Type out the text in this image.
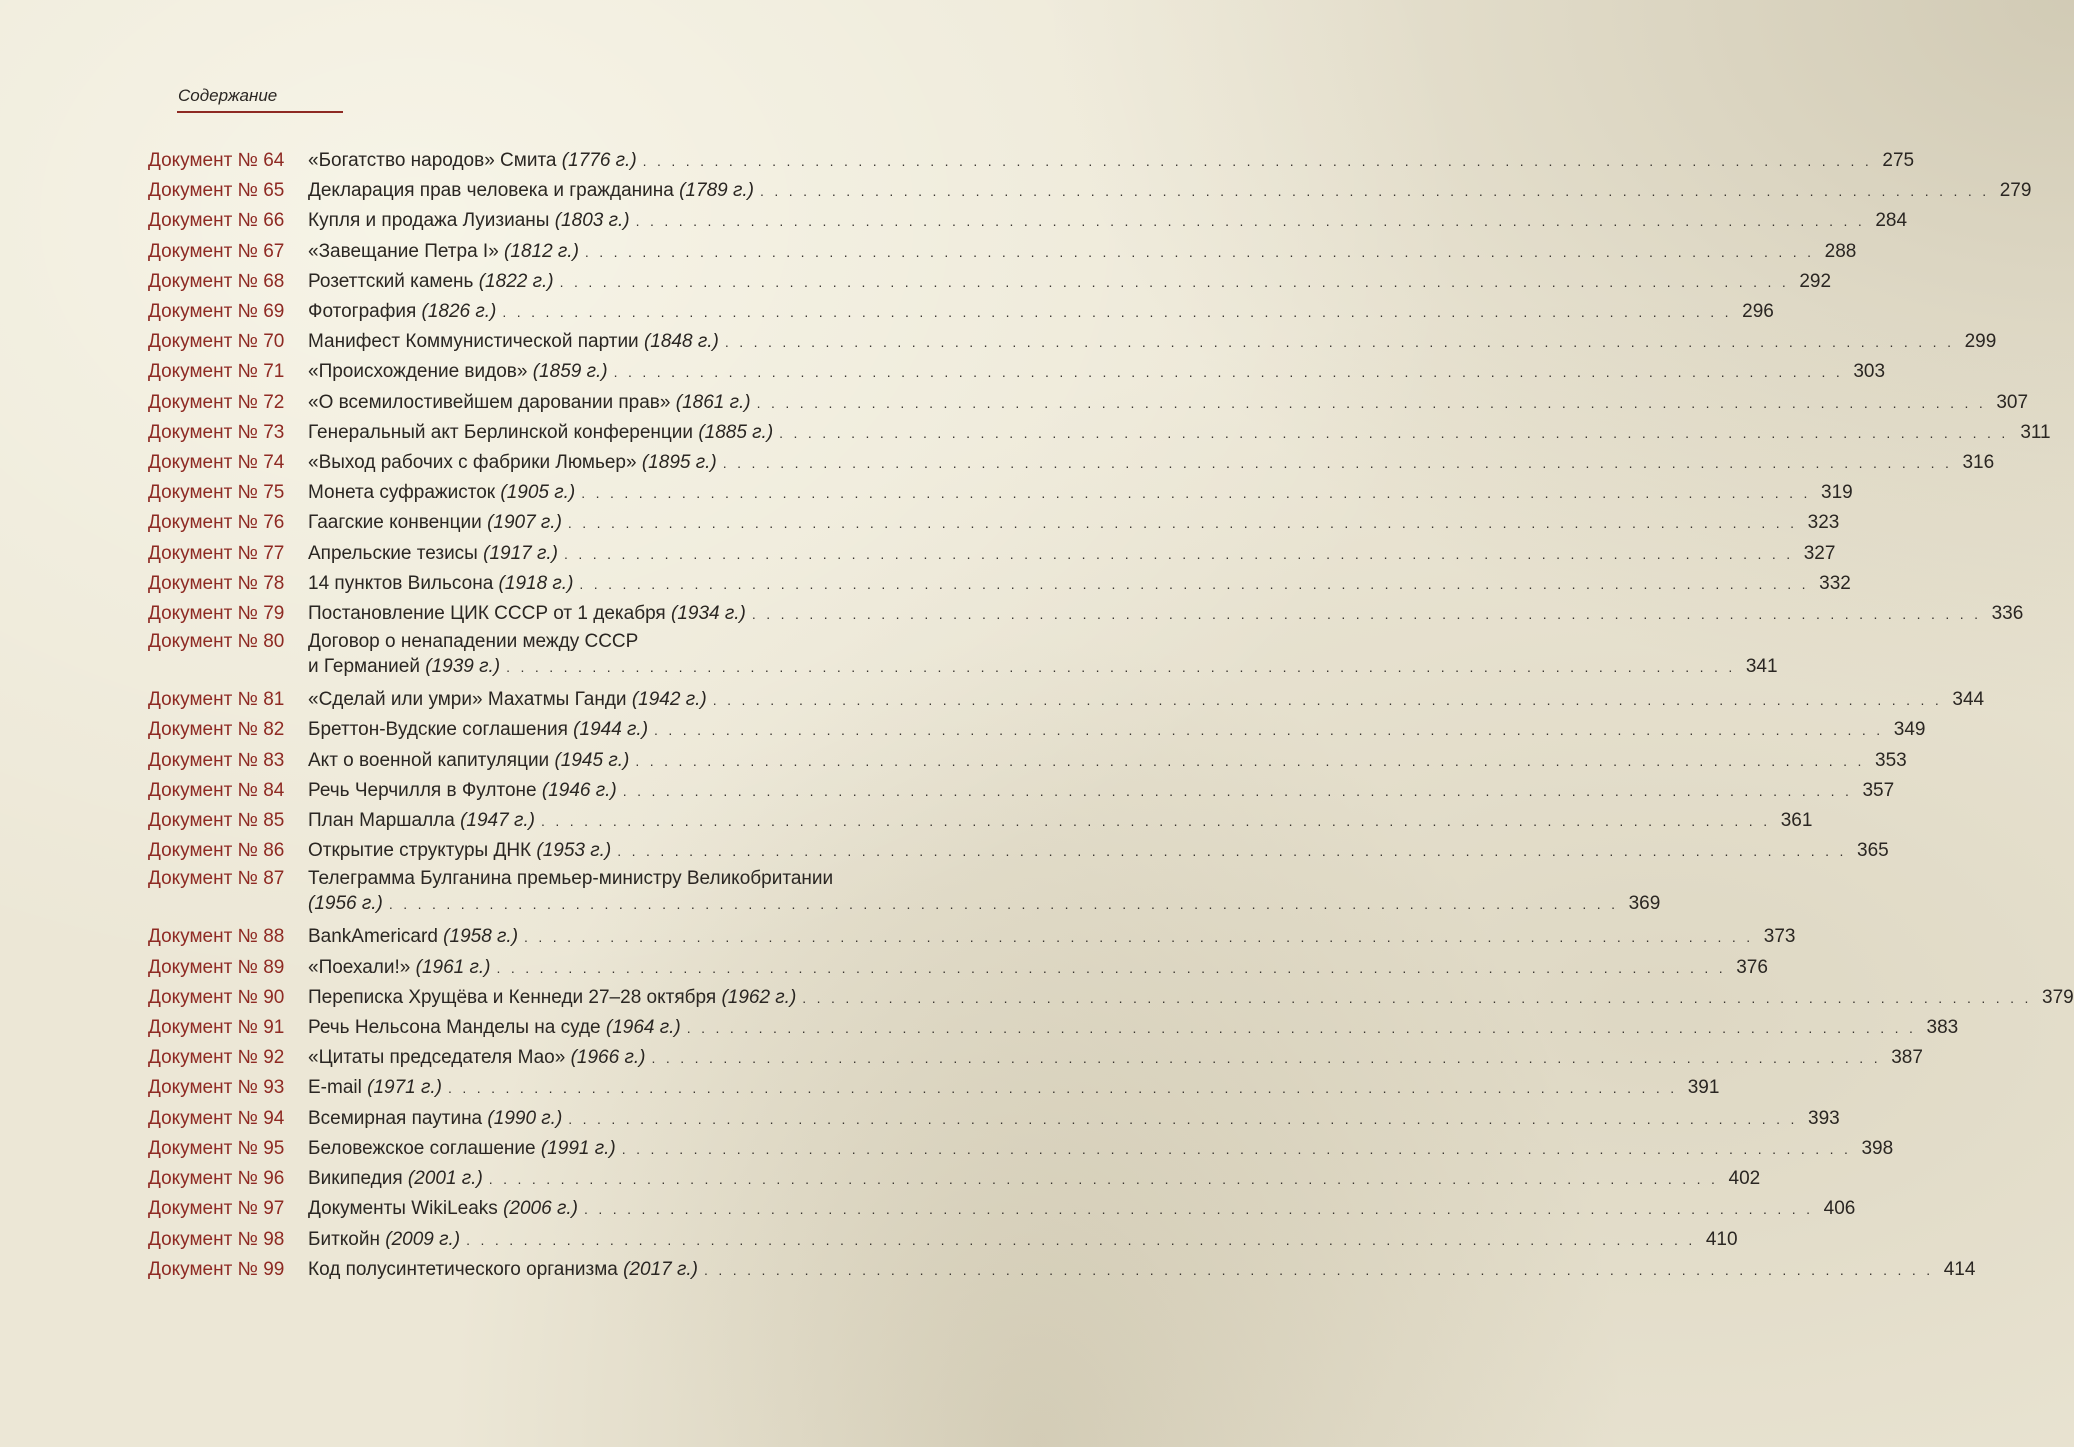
Содержание
Документ № 64	«Богатство народов» Смита (1776 г.) . . . . . . . . . . . . . . . . . . . . . . . . . . . . . . . . . . . . . . . . . . . . . . . . . . . . . . . . . . . . . . . . . . . . . . . . . . . . . . . . . . . . . . 275
Документ № 65	Декларация прав человека и гражданина (1789 г.) . . . . . . . . . . . . . . . . . . . . . . . . . . . . . . . . . . . . . . . . . . . . . . . . . . . . . . . . . . . . . . . . . . . . . . . . . . . . . . . . . . . . . . 279
Документ № 66	Купля и продажа Луизианы (1803 г.) . . . . . . . . . . . . . . . . . . . . . . . . . . . . . . . . . . . . . . . . . . . . . . . . . . . . . . . . . . . . . . . . . . . . . . . . . . . . . . . . . . . . . . 284
Документ № 67	«Завещание Петра I» (1812 г.) . . . . . . . . . . . . . . . . . . . . . . . . . . . . . . . . . . . . . . . . . . . . . . . . . . . . . . . . . . . . . . . . . . . . . . . . . . . . . . . . . . . . . . 288
Документ № 68	Розеттский камень (1822 г.) . . . . . . . . . . . . . . . . . . . . . . . . . . . . . . . . . . . . . . . . . . . . . . . . . . . . . . . . . . . . . . . . . . . . . . . . . . . . . . . . . . . . . . 292
Документ № 69	Фотография (1826 г.) . . . . . . . . . . . . . . . . . . . . . . . . . . . . . . . . . . . . . . . . . . . . . . . . . . . . . . . . . . . . . . . . . . . . . . . . . . . . . . . . . . . . . . 296
Документ № 70	Манифест Коммунистической партии (1848 г.) . . . . . . . . . . . . . . . . . . . . . . . . . . . . . . . . . . . . . . . . . . . . . . . . . . . . . . . . . . . . . . . . . . . . . . . . . . . . . . . . . . . . . . 299
Документ № 71	«Происхождение видов» (1859 г.) . . . . . . . . . . . . . . . . . . . . . . . . . . . . . . . . . . . . . . . . . . . . . . . . . . . . . . . . . . . . . . . . . . . . . . . . . . . . . . . . . . . . . . 303
Документ № 72	«О всемилостивейшем даровании прав» (1861 г.) . . . . . . . . . . . . . . . . . . . . . . . . . . . . . . . . . . . . . . . . . . . . . . . . . . . . . . . . . . . . . . . . . . . . . . . . . . . . . . . . . . . . . . 307
Документ № 73	Генеральный акт Берлинской конференции (1885 г.) . . . . . . . . . . . . . . . . . . . . . . . . . . . . . . . . . . . . . . . . . . . . . . . . . . . . . . . . . . . . . . . . . . . . . . . . . . . . . . . . . . . . . . 311
Документ № 74	«Выход рабочих с фабрики Люмьер» (1895 г.) . . . . . . . . . . . . . . . . . . . . . . . . . . . . . . . . . . . . . . . . . . . . . . . . . . . . . . . . . . . . . . . . . . . . . . . . . . . . . . . . . . . . . . 316
Документ № 75	Монета суфражисток (1905 г.) . . . . . . . . . . . . . . . . . . . . . . . . . . . . . . . . . . . . . . . . . . . . . . . . . . . . . . . . . . . . . . . . . . . . . . . . . . . . . . . . . . . . . . 319
Документ № 76	Гаагские конвенции (1907 г.) . . . . . . . . . . . . . . . . . . . . . . . . . . . . . . . . . . . . . . . . . . . . . . . . . . . . . . . . . . . . . . . . . . . . . . . . . . . . . . . . . . . . . . 323
Документ № 77	Апрельские тезисы (1917 г.) . . . . . . . . . . . . . . . . . . . . . . . . . . . . . . . . . . . . . . . . . . . . . . . . . . . . . . . . . . . . . . . . . . . . . . . . . . . . . . . . . . . . . . 327
Документ № 78	14 пунктов Вильсона (1918 г.) . . . . . . . . . . . . . . . . . . . . . . . . . . . . . . . . . . . . . . . . . . . . . . . . . . . . . . . . . . . . . . . . . . . . . . . . . . . . . . . . . . . . . . 332
Документ № 79	Постановление ЦИК СССР от 1 декабря (1934 г.) . . . . . . . . . . . . . . . . . . . . . . . . . . . . . . . . . . . . . . . . . . . . . . . . . . . . . . . . . . . . . . . . . . . . . . . . . . . . . . . . . . . . . . 336
Документ № 80	Договор о ненападении между СССР
и Германией (1939 г.) . . . . . . . . . . . . . . . . . . . . . . . . . . . . . . . . . . . . . . . . . . . . . . . . . . . . . . . . . . . . . . . . . . . . . . . . . . . . . . . . . . . . . . 341
Документ № 81	«Сделай или умри» Махатмы Ганди (1942 г.) . . . . . . . . . . . . . . . . . . . . . . . . . . . . . . . . . . . . . . . . . . . . . . . . . . . . . . . . . . . . . . . . . . . . . . . . . . . . . . . . . . . . . . 344
Документ № 82	Бреттон-Вудские соглашения (1944 г.) . . . . . . . . . . . . . . . . . . . . . . . . . . . . . . . . . . . . . . . . . . . . . . . . . . . . . . . . . . . . . . . . . . . . . . . . . . . . . . . . . . . . . . 349
Документ № 83	Акт о военной капитуляции (1945 г.) . . . . . . . . . . . . . . . . . . . . . . . . . . . . . . . . . . . . . . . . . . . . . . . . . . . . . . . . . . . . . . . . . . . . . . . . . . . . . . . . . . . . . . 353
Документ № 84	Речь Черчилля в Фултоне (1946 г.) . . . . . . . . . . . . . . . . . . . . . . . . . . . . . . . . . . . . . . . . . . . . . . . . . . . . . . . . . . . . . . . . . . . . . . . . . . . . . . . . . . . . . . 357
Документ № 85	План Маршалла (1947 г.) . . . . . . . . . . . . . . . . . . . . . . . . . . . . . . . . . . . . . . . . . . . . . . . . . . . . . . . . . . . . . . . . . . . . . . . . . . . . . . . . . . . . . . 361
Документ № 86	Открытие структуры ДНК (1953 г.) . . . . . . . . . . . . . . . . . . . . . . . . . . . . . . . . . . . . . . . . . . . . . . . . . . . . . . . . . . . . . . . . . . . . . . . . . . . . . . . . . . . . . . 365
Документ № 87	Телеграмма Булганина премьер-министру Великобритании
(1956 г.) . . . . . . . . . . . . . . . . . . . . . . . . . . . . . . . . . . . . . . . . . . . . . . . . . . . . . . . . . . . . . . . . . . . . . . . . . . . . . . . . . . . . . . 369
Документ № 88	BankAmericard (1958 г.) . . . . . . . . . . . . . . . . . . . . . . . . . . . . . . . . . . . . . . . . . . . . . . . . . . . . . . . . . . . . . . . . . . . . . . . . . . . . . . . . . . . . . . 373
Документ № 89	«Поехали!» (1961 г.) . . . . . . . . . . . . . . . . . . . . . . . . . . . . . . . . . . . . . . . . . . . . . . . . . . . . . . . . . . . . . . . . . . . . . . . . . . . . . . . . . . . . . . 376
Документ № 90	Переписка Хрущёва и Кеннеди 27–28 октября (1962 г.) . . . . . . . . . . . . . . . . . . . . . . . . . . . . . . . . . . . . . . . . . . . . . . . . . . . . . . . . . . . . . . . . . . . . . . . . . . . . . . . . . . . . . . 379
Документ № 91	Речь Нельсона Манделы на суде (1964 г.) . . . . . . . . . . . . . . . . . . . . . . . . . . . . . . . . . . . . . . . . . . . . . . . . . . . . . . . . . . . . . . . . . . . . . . . . . . . . . . . . . . . . . . 383
Документ № 92	«Цитаты председателя Мао» (1966 г.) . . . . . . . . . . . . . . . . . . . . . . . . . . . . . . . . . . . . . . . . . . . . . . . . . . . . . . . . . . . . . . . . . . . . . . . . . . . . . . . . . . . . . . 387
Документ № 93	E-mail (1971 г.) . . . . . . . . . . . . . . . . . . . . . . . . . . . . . . . . . . . . . . . . . . . . . . . . . . . . . . . . . . . . . . . . . . . . . . . . . . . . . . . . . . . . . . 391
Документ № 94	Всемирная паутина (1990 г.) . . . . . . . . . . . . . . . . . . . . . . . . . . . . . . . . . . . . . . . . . . . . . . . . . . . . . . . . . . . . . . . . . . . . . . . . . . . . . . . . . . . . . . 393
Документ № 95	Беловежское соглашение (1991 г.) . . . . . . . . . . . . . . . . . . . . . . . . . . . . . . . . . . . . . . . . . . . . . . . . . . . . . . . . . . . . . . . . . . . . . . . . . . . . . . . . . . . . . . 398
Документ № 96	Википедия (2001 г.) . . . . . . . . . . . . . . . . . . . . . . . . . . . . . . . . . . . . . . . . . . . . . . . . . . . . . . . . . . . . . . . . . . . . . . . . . . . . . . . . . . . . . . 402
Документ № 97	Документы WikiLeaks (2006 г.) . . . . . . . . . . . . . . . . . . . . . . . . . . . . . . . . . . . . . . . . . . . . . . . . . . . . . . . . . . . . . . . . . . . . . . . . . . . . . . . . . . . . . . 406
Документ № 98	Биткойн (2009 г.) . . . . . . . . . . . . . . . . . . . . . . . . . . . . . . . . . . . . . . . . . . . . . . . . . . . . . . . . . . . . . . . . . . . . . . . . . . . . . . . . . . . . . . 410
Документ № 99	Код полусинтетического организма (2017 г.) . . . . . . . . . . . . . . . . . . . . . . . . . . . . . . . . . . . . . . . . . . . . . . . . . . . . . . . . . . . . . . . . . . . . . . . . . . . . . . . . . . . . . . 414
